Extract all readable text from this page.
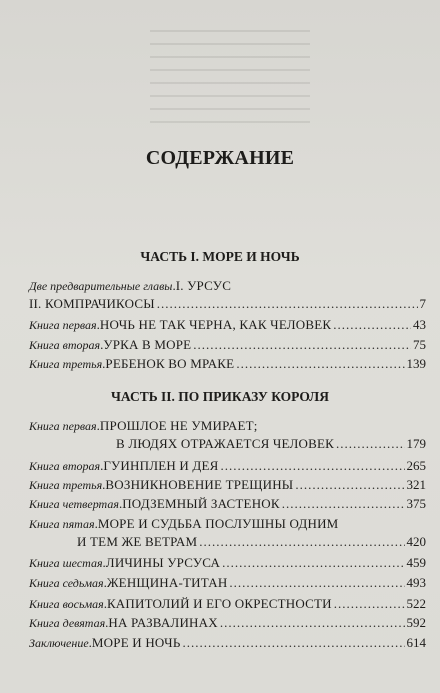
СОДЕРЖАНИЕ
ЧАСТЬ I. МОРЕ И НОЧЬ
Две предварительные главы . I. УРСУС
II. КОМПРАЧИКОСЫ .....	7
Книга первая . НОЧЬ НЕ ТАК ЧЕРНА, КАК ЧЕЛОВЕК .....	43
Книга вторая . УРКА В МОРЕ .....	75
Книга третья . РЕБЕНОК ВО МРАКЕ .....	139
ЧАСТЬ II. ПО ПРИКАЗУ КОРОЛЯ
Книга первая . ПРОШЛОЕ НЕ УМИРАЕТ;
В ЛЮДЯХ ОТРАЖАЕТСЯ ЧЕЛОВЕК .....	179
Книга вторая . ГУИНПЛЕН И ДЕЯ .....	265
Книга третья . ВОЗНИКНОВЕНИЕ ТРЕЩИНЫ .....	321
Книга четвертая . ПОДЗЕМНЫЙ ЗАСТЕНОК .....	375
Книга пятая . МОРЕ И СУДЬБА ПОСЛУШНЫ ОДНИМ
И ТЕМ ЖЕ ВЕТРАМ .....	420
Книга шестая . ЛИЧИНЫ УРСУСА .....	459
Книга седьмая . ЖЕНЩИНА-ТИТАН .....	493
Книга восьмая . КАПИТОЛИЙ И ЕГО ОКРЕСТНОСТИ .....	522
Книга девятая . НА РАЗВАЛИНАХ .....	592
Заключение . МОРЕ И НОЧЬ .....	614
